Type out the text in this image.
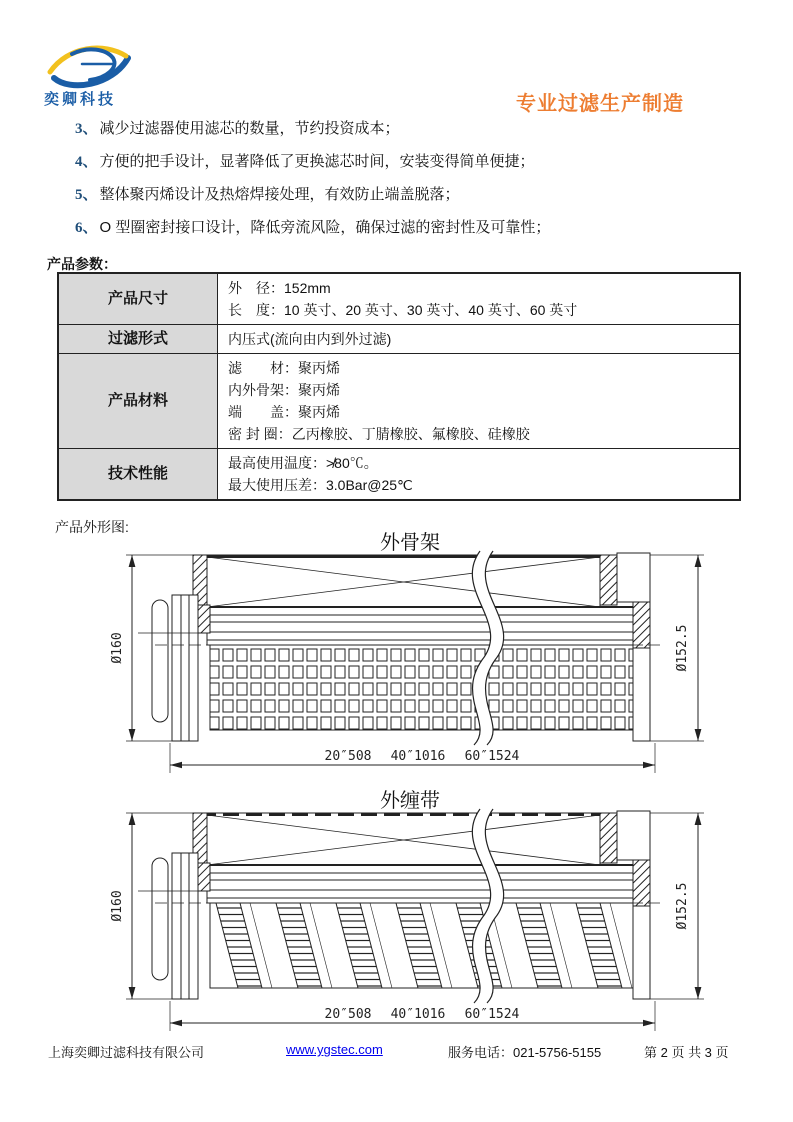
奕卿科技	专业过滤生产制造
3、 减少过滤器使用滤芯的数量，节约投资成本；
4、 方便的把手设计，显著降低了更换滤芯时间，安装变得简单便捷；
5、 整体聚丙烯设计及热熔焊接处理，有效防止端盖脱落；
6、 O 型圈密封接口设计，降低旁流风险，确保过滤的密封性及可靠性；
产品参数：
产品尺寸	外　径：152mm
长　度：10 英寸、20 英寸、30 英寸、40 英寸、60 英寸

过滤形式	内压式(流向由内到外过滤)

产品材料	滤　　材：聚丙烯
内外骨架：聚丙烯
端　　盖：聚丙烯
密 封 圈：乙丙橡胶、丁腈橡胶、氟橡胶、硅橡胶

技术性能	最高使用温度：≯80℃。
最大使用压差：3.0Bar@25℃
产品外形图:
外骨架
Ø160	Ø152.5
20″508 40″1016 60″1524
外缠带
Ø160	Ø152.5
20″508 40″1016 60″1524
上海奕卿过滤科技有限公司	www.ygstec.com	服务电话：021-5756-5155	第 2 页 共 3 页
